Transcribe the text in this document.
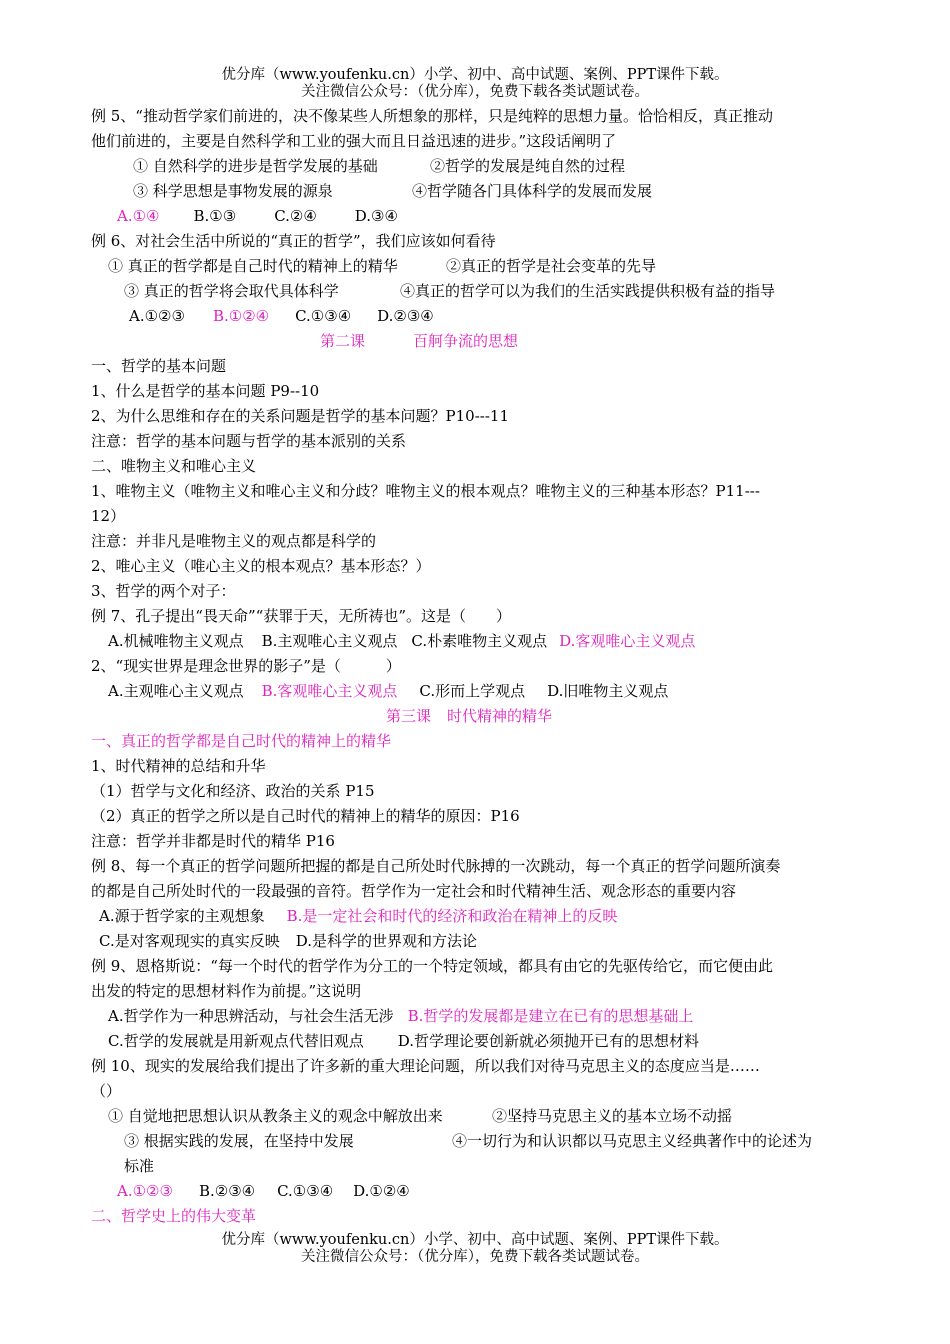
优分库（www.youfenku.cn）小学、初中、高中试题、案例、PPT课件下载。
关注微信公众号：（优分库），免费下载各类试题试卷。
例 5、“推动哲学家们前进的，决不像某些人所想象的那样，只是纯粹的思想力量。恰恰相反，真正推动
他们前进的，主要是自然科学和工业的强大而且日益迅速的进步。”这段话阐明了
① 自然科学的进步是哲学发展的基础	②哲学的发展是纯自然的过程
③ 科学思想是事物发展的源泉	④哲学随各门具体科学的发展而发展
A.①④ B.①③	C.②④	D.③④
例 6、对社会生活中所说的“真正的哲学”，我们应该如何看待
① 真正的哲学都是自己时代的精神上的精华	②真正的哲学是社会变革的先导
③ 真正的哲学将会取代具体科学	④真正的哲学可以为我们的生活实践提供积极有益的指导
A.①②③ B.①②④ C.①③④ D.②③④
第二课	百舸争流的思想
一、哲学的基本问题
1、什么是哲学的基本问题 P9--10
2、为什么思维和存在的关系问题是哲学的基本问题？P10---11
注意：哲学的基本问题与哲学的基本派别的关系
二、唯物主义和唯心主义
1、唯物主义（唯物主义和唯心主义和分歧？唯物主义的根本观点？唯物主义的三种基本形态？P11---
12）
注意：并非凡是唯物主义的观点都是科学的
2、唯心主义（唯心主义的根本观点？基本形态？）
3、哲学的两个对子：
例 7、孔子提出“畏天命”“获罪于天，无所祷也”。这是（　　）
A.机械唯物主义观点 B.主观唯心主义观点 C.朴素唯物主义观点 D.客观唯心主义观点
2、“现实世界是理念世界的影子”是（　　　）
A.主观唯心主义观点 B.客观唯心主义观点 C.形而上学观点 D.旧唯物主义观点
第三课 时代精神的精华
一、真正的哲学都是自己时代的精神上的精华
1、时代精神的总结和升华
（1）哲学与文化和经济、政治的关系 P15
（2）真正的哲学之所以是自己时代的精神上的精华的原因：P16
注意：哲学并非都是时代的精华 P16
例 8、每一个真正的哲学问题所把握的都是自己所处时代脉搏的一次跳动，每一个真正的哲学问题所演奏
的都是自己所处时代的一段最强的音符。哲学作为一定社会和时代精神生活、观念形态的重要内容
A.源于哲学家的主观想象 B.是一定社会和时代的经济和政治在精神上的反映
C.是对客观现实的真实反映 D.是科学的世界观和方法论
例 9、恩格斯说：“每一个时代的哲学作为分工的一个特定领域，都具有由它的先驱传给它，而它便由此
出发的特定的思想材料作为前提。”这说明
A.哲学作为一种思辨活动，与社会生活无涉 B.哲学的发展都是建立在已有的思想基础上
C.哲学的发展就是用新观点代替旧观点 D.哲学理论要创新就必须抛开已有的思想材料
例 10、现实的发展给我们提出了许多新的重大理论问题，所以我们对待马克思主义的态度应当是……
（）
① 自觉地把思想认识从教条主义的观念中解放出来	②坚持马克思主义的基本立场不动摇
③ 根据实践的发展，在坚持中发展	④一切行为和认识都以马克思主义经典著作中的论述为
标准
A.①②③ B.②③④ C.①③④ D.①②④
二、哲学史上的伟大变革
优分库（www.youfenku.cn）小学、初中、高中试题、案例、PPT课件下载。
关注微信公众号：（优分库），免费下载各类试题试卷。
